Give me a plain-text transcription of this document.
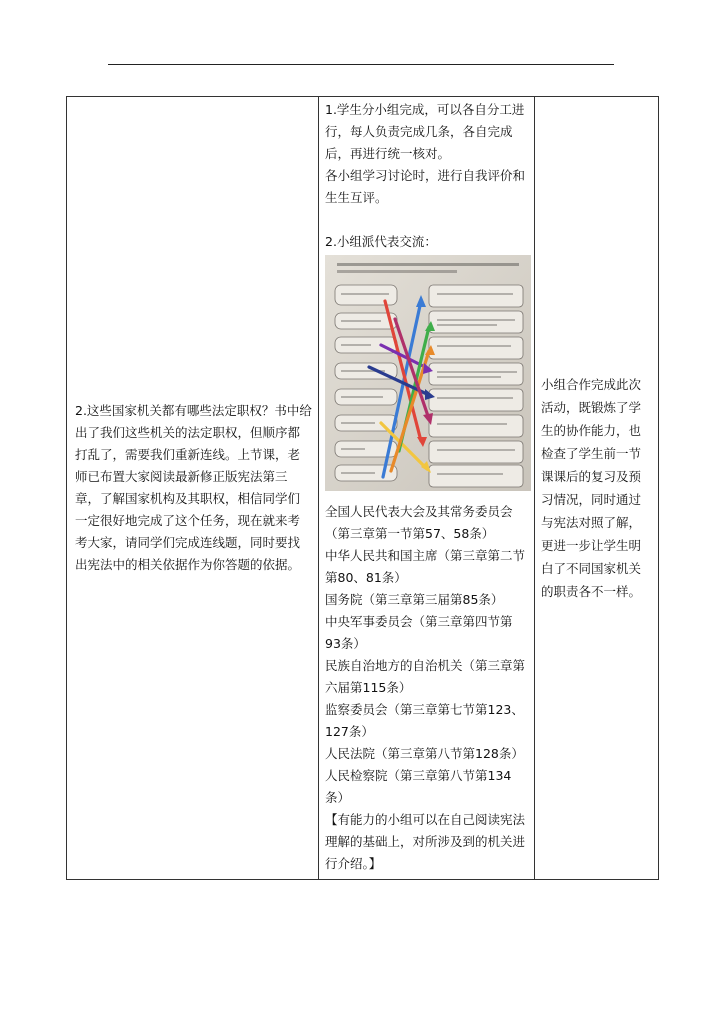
2.这些国家机关都有哪些法定职权？书中给出了我们这些机关的法定职权，但顺序都打乱了，需要我们重新连线。上节课，老师已布置大家阅读最新修正版宪法第三章，了解国家机构及其职权，相信同学们一定很好地完成了这个任务，现在就来考考大家，请同学们完成连线题，同时要找出宪法中的相关依据作为你答题的依据。

1.学生分小组完成，可以各自分工进行，每人负责完成几条，各自完成后，再进行统一核对。
各小组学习讨论时，进行自我评价和生生互评。
2.小组派代表交流：
全国人民代表大会及其常务委员会（第三章第一节第57、58条）
中华人民共和国主席（第三章第二节第80、81条）
国务院（第三章第三届第85条）
中央军事委员会（第三章第四节第93条）
民族自治地方的自治机关（第三章第六届第115条）
监察委员会（第三章第七节第123、127条）
人民法院（第三章第八节第128条）
人民检察院（第三章第八节第134条）
【有能力的小组可以在自己阅读宪法理解的基础上，对所涉及到的机关进行介绍。】

小组合作完成此次活动，既锻炼了学生的协作能力，也检查了学生前一节课课后的复习及预习情况，同时通过与宪法对照了解，更进一步让学生明白了不同国家机关的职责各不一样。
